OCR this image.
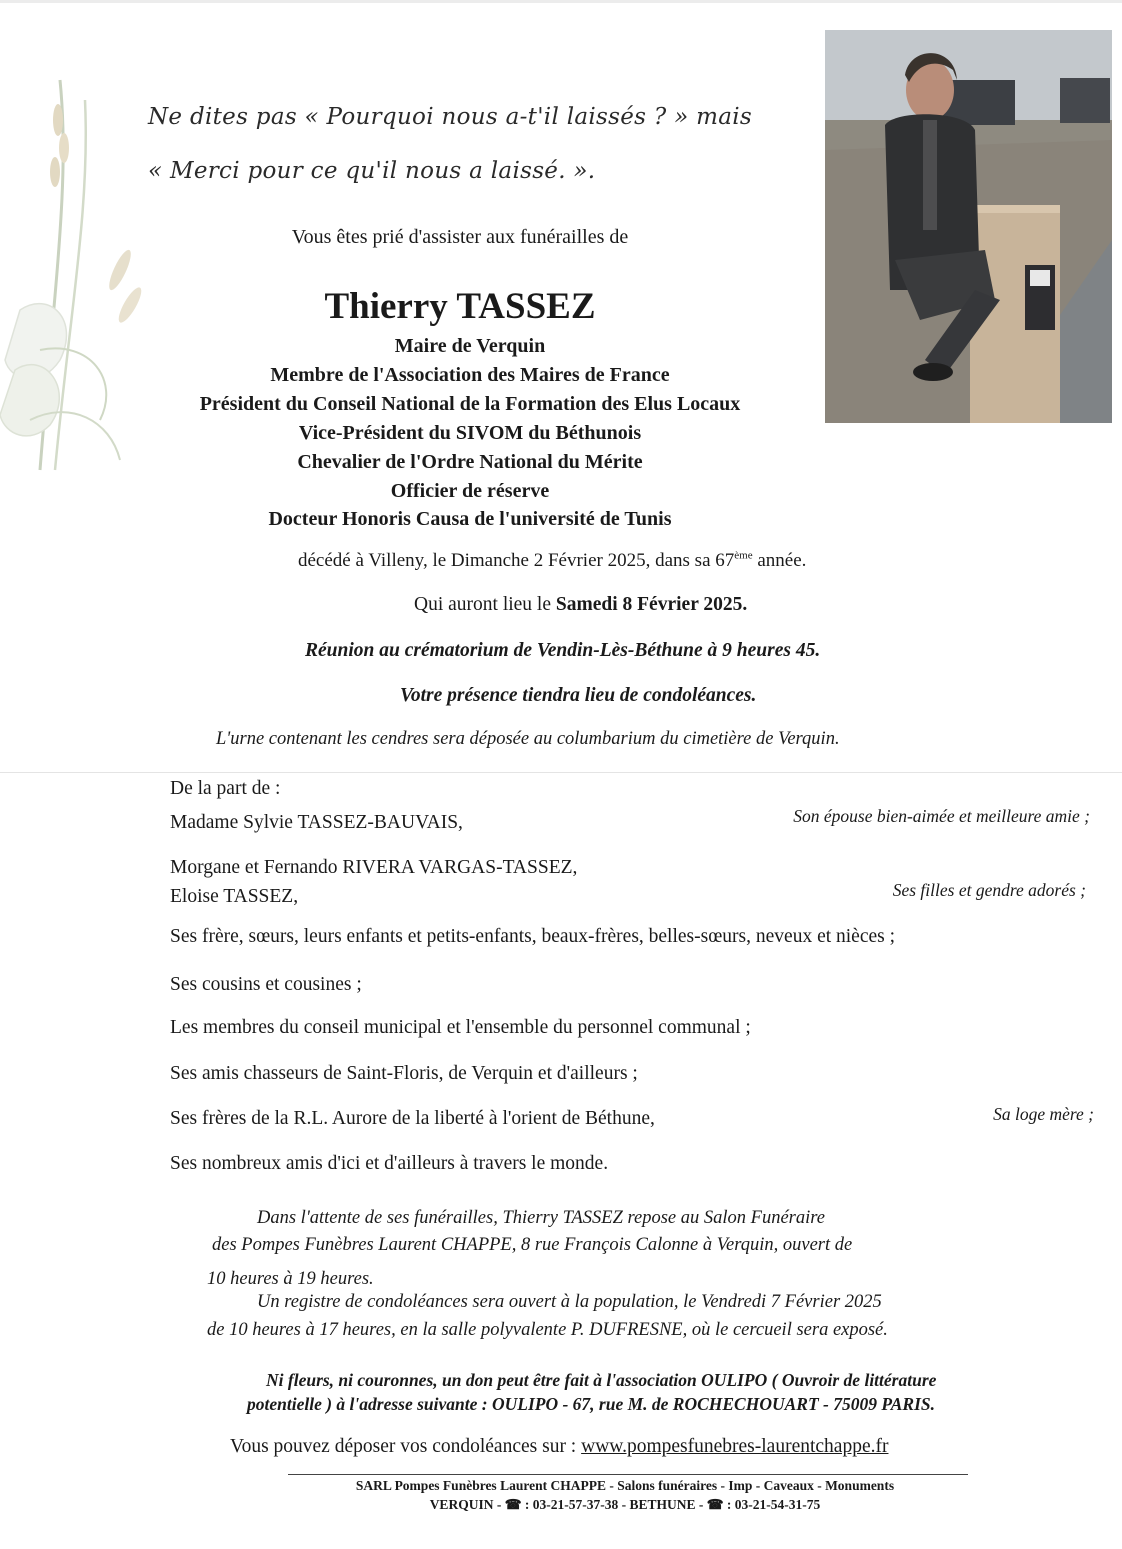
Ne dites pas « Pourquoi nous a-t'il laissés ? » mais
« Merci pour ce qu'il nous a laissé. ».
Vous êtes prié d'assister aux funérailles de
Thierry TASSEZ
Maire de Verquin
Membre de l'Association des Maires de France
Président du Conseil National de la Formation des Elus Locaux
Vice-Président du SIVOM du Béthunois
Chevalier de l'Ordre National du Mérite
Officier de réserve
Docteur Honoris Causa de l'université de Tunis
décédé à Villeny, le Dimanche 2 Février 2025, dans sa 67ème année.
Qui auront lieu le Samedi 8 Février 2025.
Réunion au crématorium de Vendin-Lès-Béthune à 9 heures 45.
Votre présence tiendra lieu de condoléances.
L'urne contenant les cendres sera déposée au columbarium du cimetière de Verquin.
De la part de :
Madame Sylvie TASSEZ-BAUVAIS,	Son épouse bien-aimée et meilleure amie ;
Morgane et Fernando RIVERA VARGAS-TASSEZ,
Eloise TASSEZ,	Ses filles et gendre adorés ;
Ses frère, sœurs, leurs enfants et petits-enfants, beaux-frères, belles-sœurs, neveux et nièces ;
Ses cousins et cousines ;
Les membres du conseil municipal et l'ensemble du personnel communal ;
Ses amis chasseurs de Saint-Floris, de Verquin et d'ailleurs ;
Ses frères de la R.L. Aurore de la liberté à l'orient de Béthune,	Sa loge mère ;
Ses nombreux amis d'ici et d'ailleurs à travers le monde.
Dans l'attente de ses funérailles, Thierry TASSEZ repose au Salon Funéraire
des Pompes Funèbres Laurent CHAPPE, 8 rue François Calonne à Verquin, ouvert de
10 heures à 19 heures.
Un registre de condoléances sera ouvert à la population, le Vendredi 7 Février 2025
de 10 heures à 17 heures, en la salle polyvalente P. DUFRESNE, où le cercueil sera exposé.
Ni fleurs, ni couronnes, un don peut être fait à l'association OULIPO ( Ouvroir de littérature
potentielle ) à l'adresse suivante : OULIPO - 67, rue M. de ROCHECHOUART - 75009 PARIS.
Vous pouvez déposer vos condoléances sur : www.pompesfunebres-laurentchappe.fr
SARL Pompes Funèbres Laurent CHAPPE - Salons funéraires - Imp - Caveaux - Monuments
VERQUIN - ☎ : 03-21-57-37-38 - BETHUNE - ☎ : 03-21-54-31-75
